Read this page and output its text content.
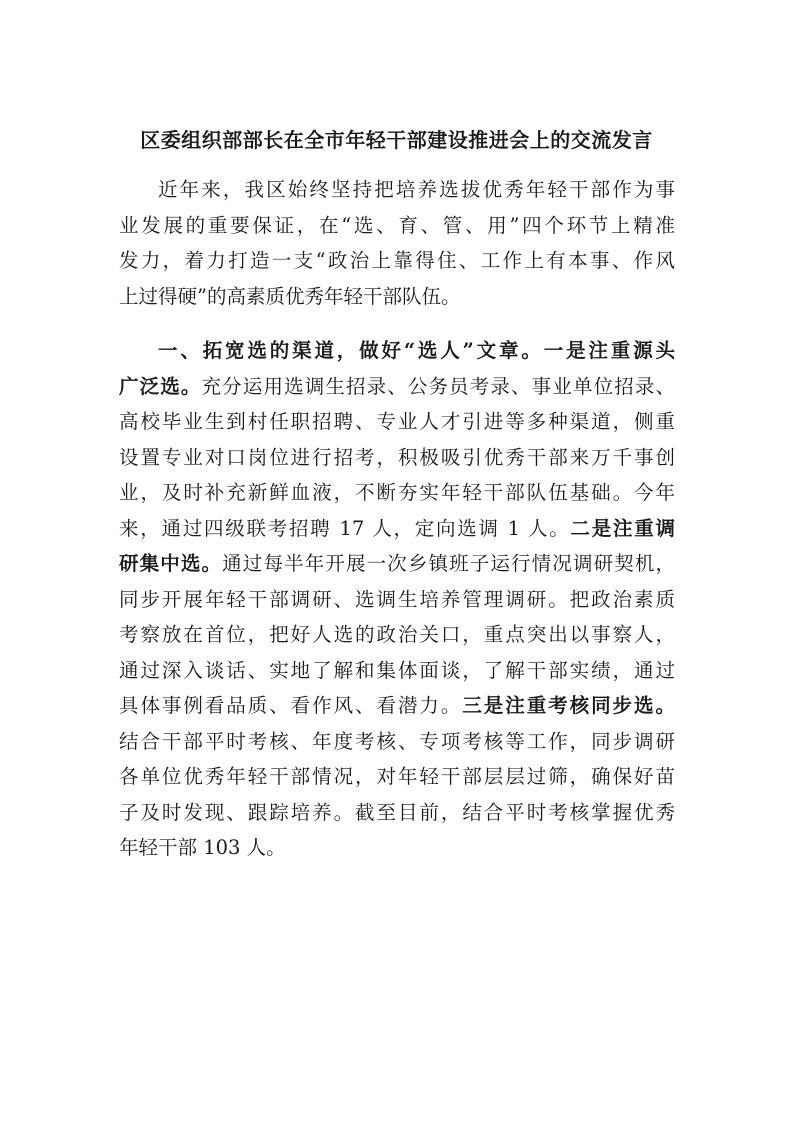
区委组织部部长在全市年轻干部建设推进会上的交流发言
近年来，我区始终坚持把培养选拔优秀年轻干部作为事
业发展的重要保证，在“选、育、管、用”四个环节上精准
发力，着力打造一支“政治上靠得住、工作上有本事、作风
上过得硬”的高素质优秀年轻干部队伍。
一、拓宽选的渠道，做好“选人”文章。一是注重源头
广泛选。充分运用选调生招录、公务员考录、事业单位招录、
高校毕业生到村任职招聘、专业人才引进等多种渠道，侧重
设置专业对口岗位进行招考，积极吸引优秀干部来万千事创
业，及时补充新鲜血液，不断夯实年轻干部队伍基础。今年
来，通过四级联考招聘 17 人，定向选调 1 人。二是注重调
研集中选。通过每半年开展一次乡镇班子运行情况调研契机，
同步开展年轻干部调研、选调生培养管理调研。把政治素质
考察放在首位，把好人选的政治关口，重点突出以事察人，
通过深入谈话、实地了解和集体面谈，了解干部实绩，通过
具体事例看品质、看作风、看潜力。三是注重考核同步选。
结合干部平时考核、年度考核、专项考核等工作，同步调研
各单位优秀年轻干部情况，对年轻干部层层过筛，确保好苗
子及时发现、跟踪培养。截至目前，结合平时考核掌握优秀
年轻干部 103 人。
